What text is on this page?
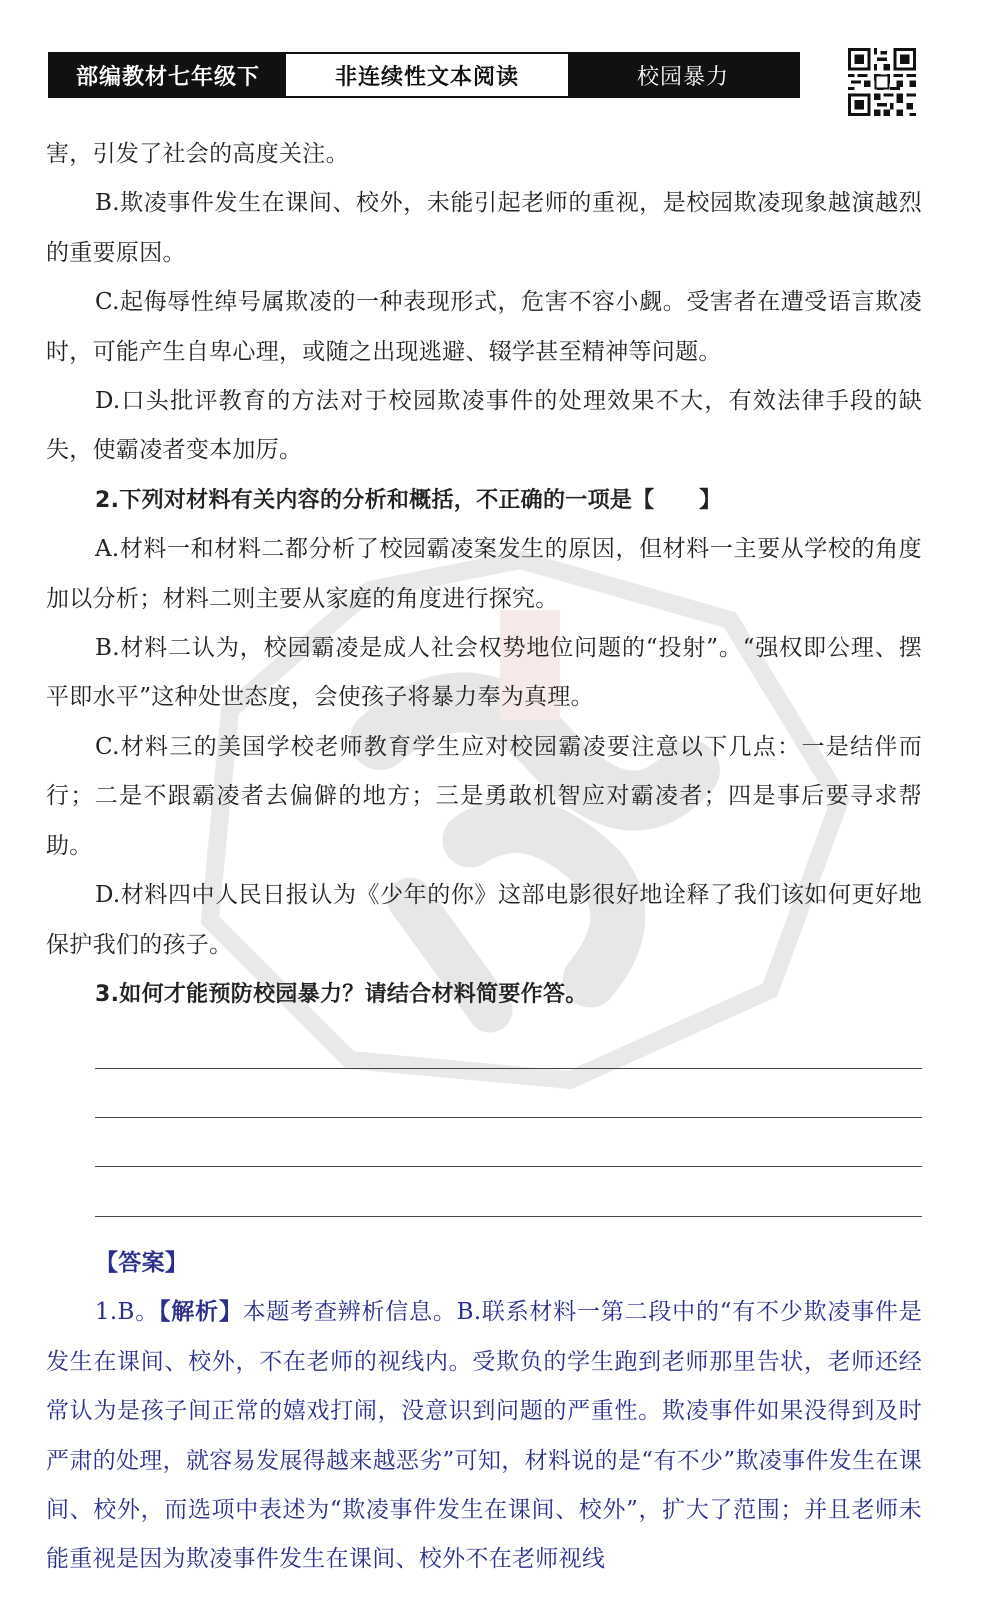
部编教材七年级下	非连续性文本阅读	校园暴力

害，引发了社会的高度关注。

B.欺凌事件发生在课间、校外，未能引起老师的重视，是校园欺凌现象越演越烈的重要原因。

C.起侮辱性绰号属欺凌的一种表现形式，危害不容小觑。受害者在遭受语言欺凌时，可能产生自卑心理，或随之出现逃避、辍学甚至精神等问题。

D.口头批评教育的方法对于校园欺凌事件的处理效果不大，有效法律手段的缺失，使霸凌者变本加厉。

2.下列对材料有关内容的分析和概括，不正确的一项是【　　】

A.材料一和材料二都分析了校园霸凌案发生的原因，但材料一主要从学校的角度加以分析；材料二则主要从家庭的角度进行探究。

B.材料二认为，校园霸凌是成人社会权势地位问题的“投射”。“强权即公理、摆平即水平”这种处世态度，会使孩子将暴力奉为真理。

C.材料三的美国学校老师教育学生应对校园霸凌要注意以下几点：一是结伴而行；二是不跟霸凌者去偏僻的地方；三是勇敢机智应对霸凌者；四是事后要寻求帮助。

D.材料四中人民日报认为《少年的你》这部电影很好地诠释了我们该如何更好地保护我们的孩子。

3.如何才能预防校园暴力？请结合材料简要作答。

【答案】

1.B。【解析】本题考查辨析信息。B.联系材料一第二段中的“有不少欺凌事件是发生在课间、校外，不在老师的视线内。受欺负的学生跑到老师那里告状，老师还经常认为是孩子间正常的嬉戏打闹，没意识到问题的严重性。欺凌事件如果没得到及时严肃的处理，就容易发展得越来越恶劣”可知，材料说的是“有不少”欺凌事件发生在课间、校外，而选项中表述为“欺凌事件发生在课间、校外”，扩大了范围；并且老师未能重视是因为欺凌事件发生在课间、校外不在老师视线
